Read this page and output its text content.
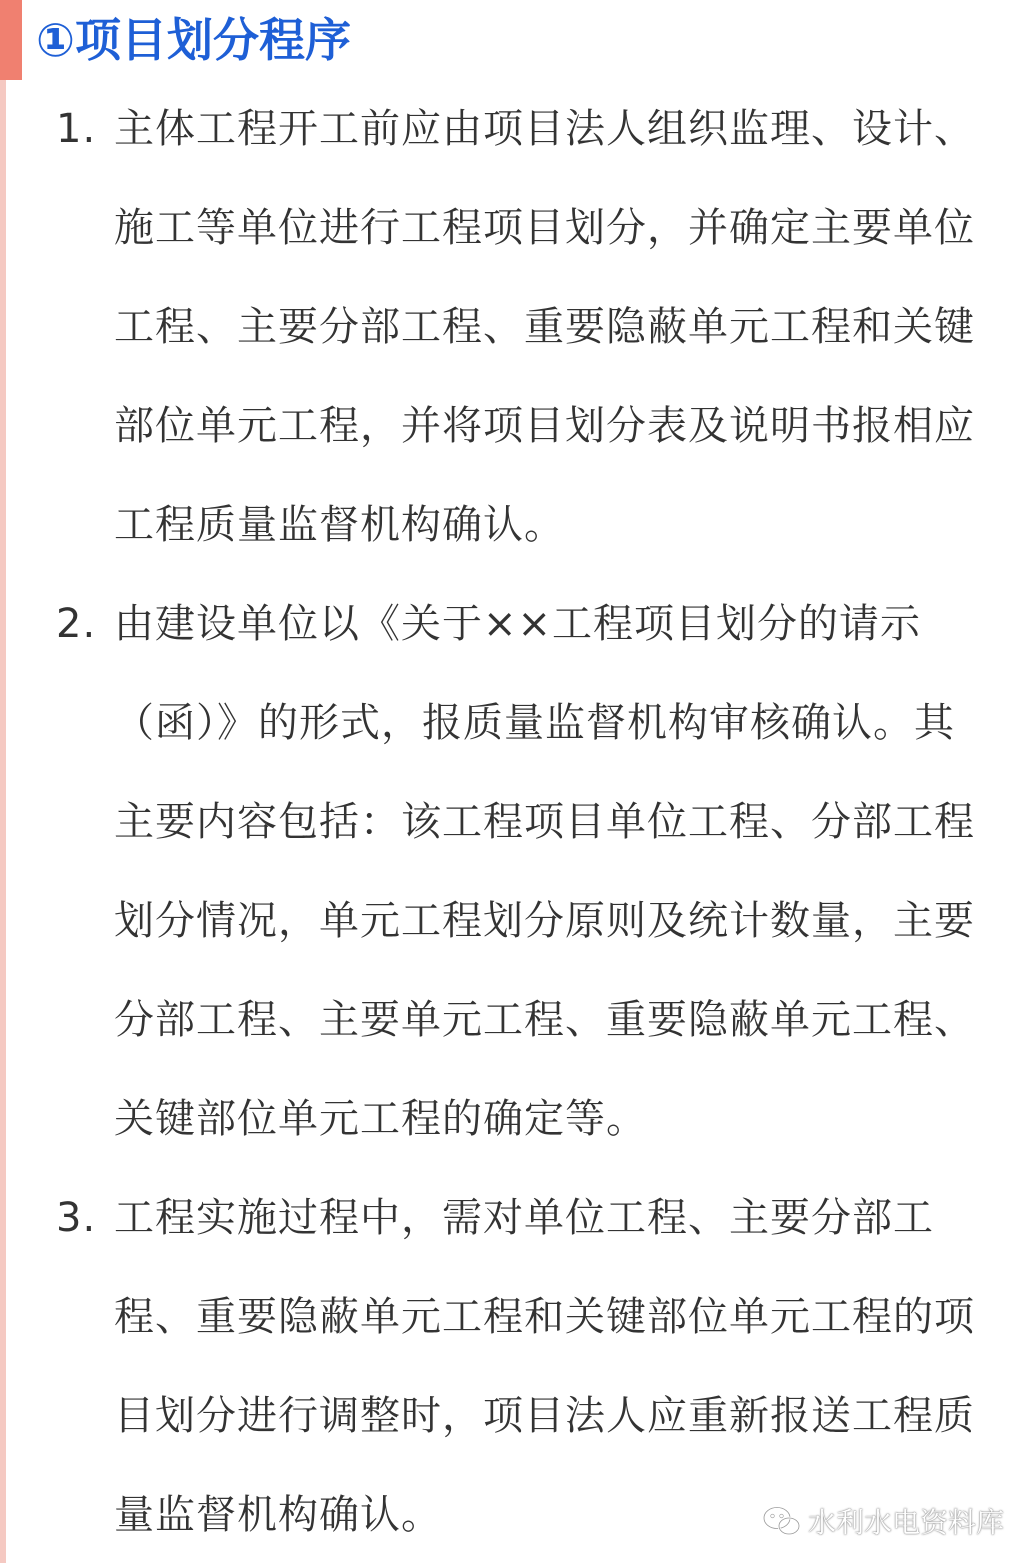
①项目划分程序
1. 主体工程开工前应由项目法人组织监理、设计、施工等单位进行工程项目划分，并确定主要单位工程、主要分部工程、重要隐蔽单元工程和关键部位单元工程，并将项目划分表及说明书报相应工程质量监督机构确认。
2. 由建设单位以《关于××工程项目划分的请示（函）》的形式，报质量监督机构审核确认。其主要内容包括：该工程项目单位工程、分部工程划分情况，单元工程划分原则及统计数量，主要分部工程、主要单元工程、重要隐蔽单元工程、关键部位单元工程的确定等。
3. 工程实施过程中，需对单位工程、主要分部工程、重要隐蔽单元工程和关键部位单元工程的项目划分进行调整时，项目法人应重新报送工程质量监督机构确认。	水利水电资料库
